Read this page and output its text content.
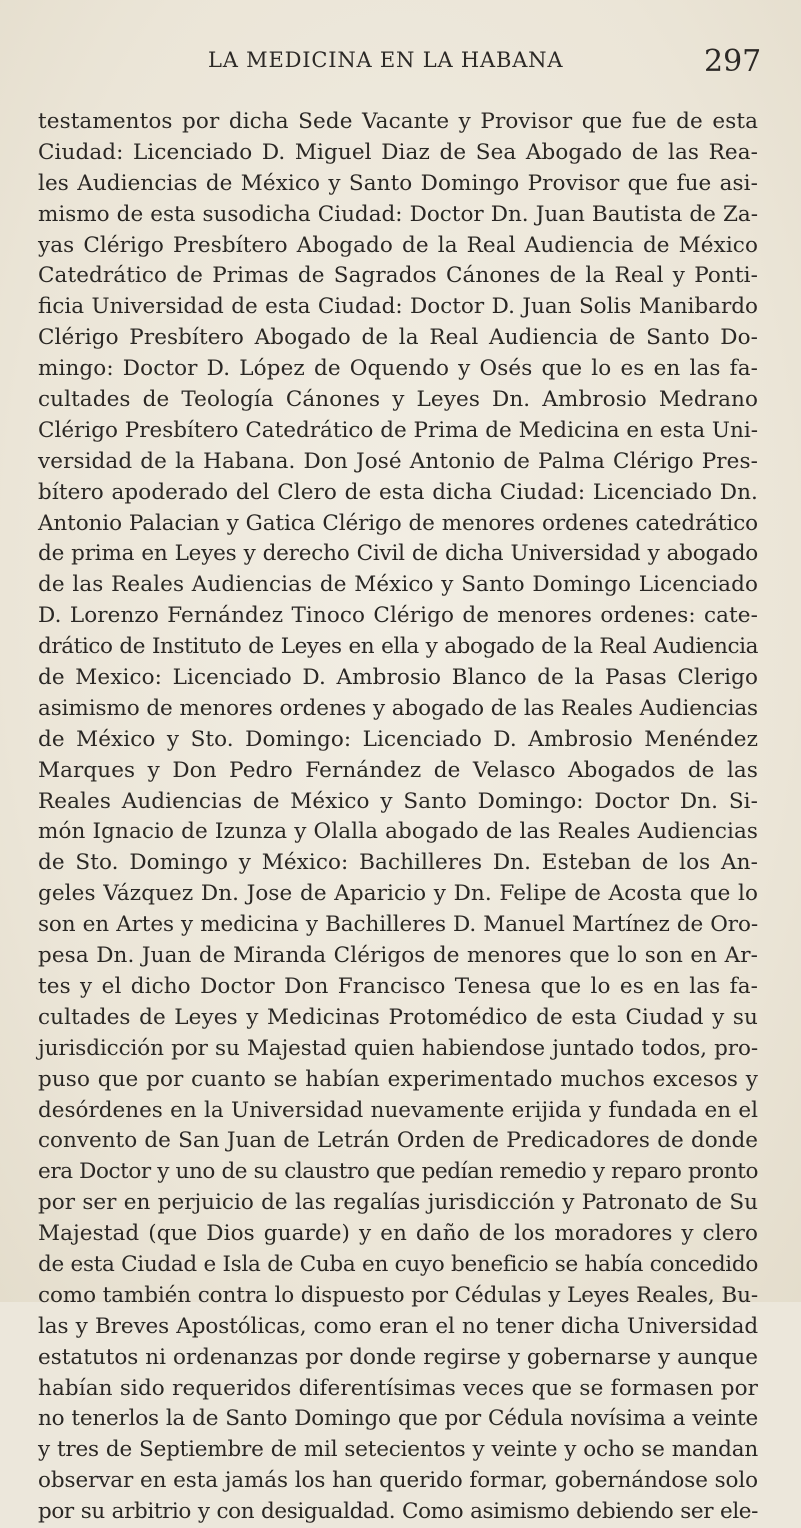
LA MEDICINA EN LA HABANA	297
testamentos por dicha Sede Vacante y Provisor que fue de esta
Ciudad: Licenciado D. Miguel Diaz de Sea Abogado de las Rea-
les Audiencias de México y Santo Domingo Provisor que fue asi-
mismo de esta susodicha Ciudad: Doctor Dn. Juan Bautista de Za-
yas Clérigo Presbítero Abogado de la Real Audiencia de México
Catedrático de Primas de Sagrados Cánones de la Real y Ponti-
ficia Universidad de esta Ciudad: Doctor D. Juan Solis Manibardo
Clérigo Presbítero Abogado de la Real Audiencia de Santo Do-
mingo: Doctor D. López de Oquendo y Osés que lo es en las fa-
cultades de Teología Cánones y Leyes Dn. Ambrosio Medrano
Clérigo Presbítero Catedrático de Prima de Medicina en esta Uni-
versidad de la Habana. Don José Antonio de Palma Clérigo Pres-
bítero apoderado del Clero de esta dicha Ciudad: Licenciado Dn.
Antonio Palacian y Gatica Clérigo de menores ordenes catedrático
de prima en Leyes y derecho Civil de dicha Universidad y abogado
de las Reales Audiencias de México y Santo Domingo Licenciado
D. Lorenzo Fernández Tinoco Clérigo de menores ordenes: cate-
drático de Instituto de Leyes en ella y abogado de la Real Audiencia
de Mexico: Licenciado D. Ambrosio Blanco de la Pasas Clerigo
asimismo de menores ordenes y abogado de las Reales Audiencias
de México y Sto. Domingo: Licenciado D. Ambrosio Menéndez
Marques y Don Pedro Fernández de Velasco Abogados de las
Reales Audiencias de México y Santo Domingo: Doctor Dn. Si-
món Ignacio de Izunza y Olalla abogado de las Reales Audiencias
de Sto. Domingo y México: Bachilleres Dn. Esteban de los An-
geles Vázquez Dn. Jose de Aparicio y Dn. Felipe de Acosta que lo
son en Artes y medicina y Bachilleres D. Manuel Martínez de Oro-
pesa Dn. Juan de Miranda Clérigos de menores que lo son en Ar-
tes y el dicho Doctor Don Francisco Tenesa que lo es en las fa-
cultades de Leyes y Medicinas Protomédico de esta Ciudad y su
jurisdicción por su Majestad quien habiendose juntado todos, pro-
puso que por cuanto se habían experimentado muchos excesos y
desórdenes en la Universidad nuevamente erijida y fundada en el
convento de San Juan de Letrán Orden de Predicadores de donde
era Doctor y uno de su claustro que pedían remedio y reparo pronto
por ser en perjuicio de las regalías jurisdicción y Patronato de Su
Majestad (que Dios guarde) y en daño de los moradores y clero
de esta Ciudad e Isla de Cuba en cuyo beneficio se había concedido
como también contra lo dispuesto por Cédulas y Leyes Reales, Bu-
las y Breves Apostólicas, como eran el no tener dicha Universidad
estatutos ni ordenanzas por donde regirse y gobernarse y aunque
habían sido requeridos diferentísimas veces que se formasen por
no tenerlos la de Santo Domingo que por Cédula novísima a veinte
y tres de Septiembre de mil setecientos y veinte y ocho se mandan
observar en esta jamás los han querido formar, gobernándose solo
por su arbitrio y con desigualdad. Como asimismo debiendo ser ele-
